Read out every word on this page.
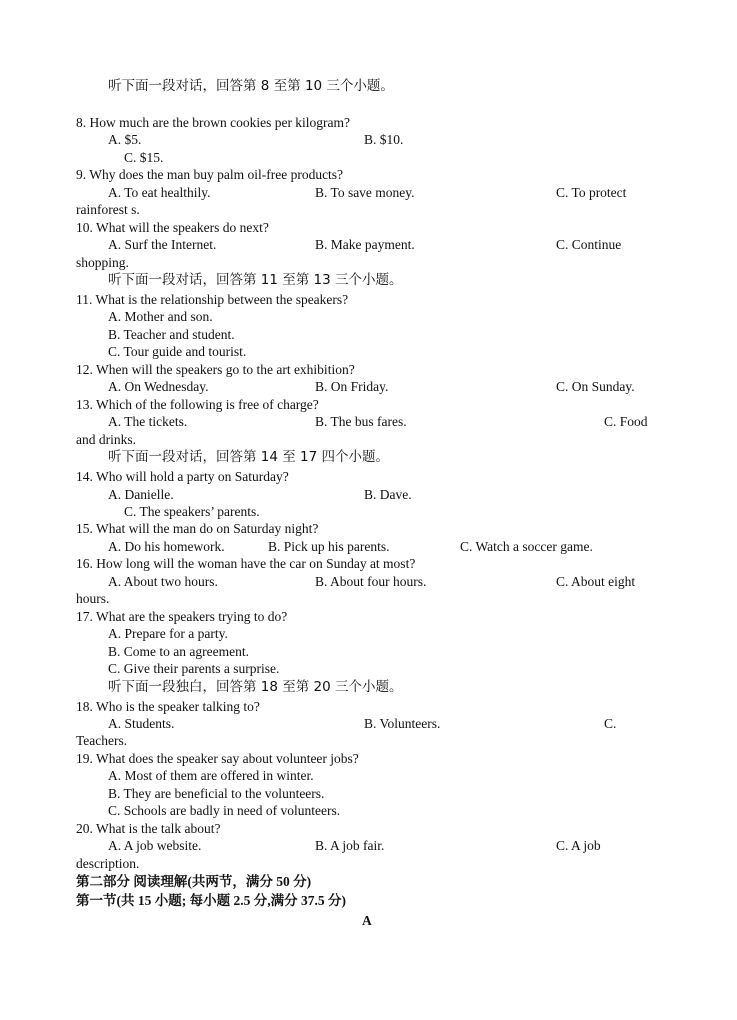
听下面一段对话，回答第 8 至第 10 三个小题。
8. How much are the brown cookies per kilogram?
A. $5.	B. $10.
C. $15.
9. Why does the man buy palm oil-free products?
A. To eat healthily.	B. To save money.	C. To protect
rainforest s.
10. What will the speakers do next?
A. Surf the Internet.	B. Make payment.	C. Continue
shopping.
听下面一段对话，回答第 11 至第 13 三个小题。
11. What is the relationship between the speakers?
A. Mother and son.
B. Teacher and student.
C. Tour guide and tourist.
12. When will the speakers go to the art exhibition?
A. On Wednesday.	B. On Friday.	C. On Sunday.
13. Which of the following is free of charge?
A. The tickets.	B. The bus fares.	C. Food
and drinks.
听下面一段对话，回答第 14 至 17 四个小题。
14. Who will hold a party on Saturday?
A. Danielle.	B. Dave.
C. The speakers’ parents.
15. What will the man do on Saturday night?
A. Do his homework.	B. Pick up his parents.	C. Watch a soccer game.
16. How long will the woman have the car on Sunday at most?
A. About two hours.	B. About four hours.	C. About eight
hours.
17. What are the speakers trying to do?
A. Prepare for a party.
B. Come to an agreement.
C. Give their parents a surprise.
听下面一段独白，回答第 18 至第 20 三个小题。
18. Who is the speaker talking to?
A. Students.	B. Volunteers.	C.
Teachers.
19. What does the speaker say about volunteer jobs?
A. Most of them are offered in winter.
B. They are beneficial to the volunteers.
C. Schools are badly in need of volunteers.
20. What is the talk about?
A. A job website.	B. A job fair.	C. A job
description.
第二部分 阅读理解(共两节，满分 50 分)
第一节(共 15 小题; 每小题 2.5 分,满分 37.5 分)
A
